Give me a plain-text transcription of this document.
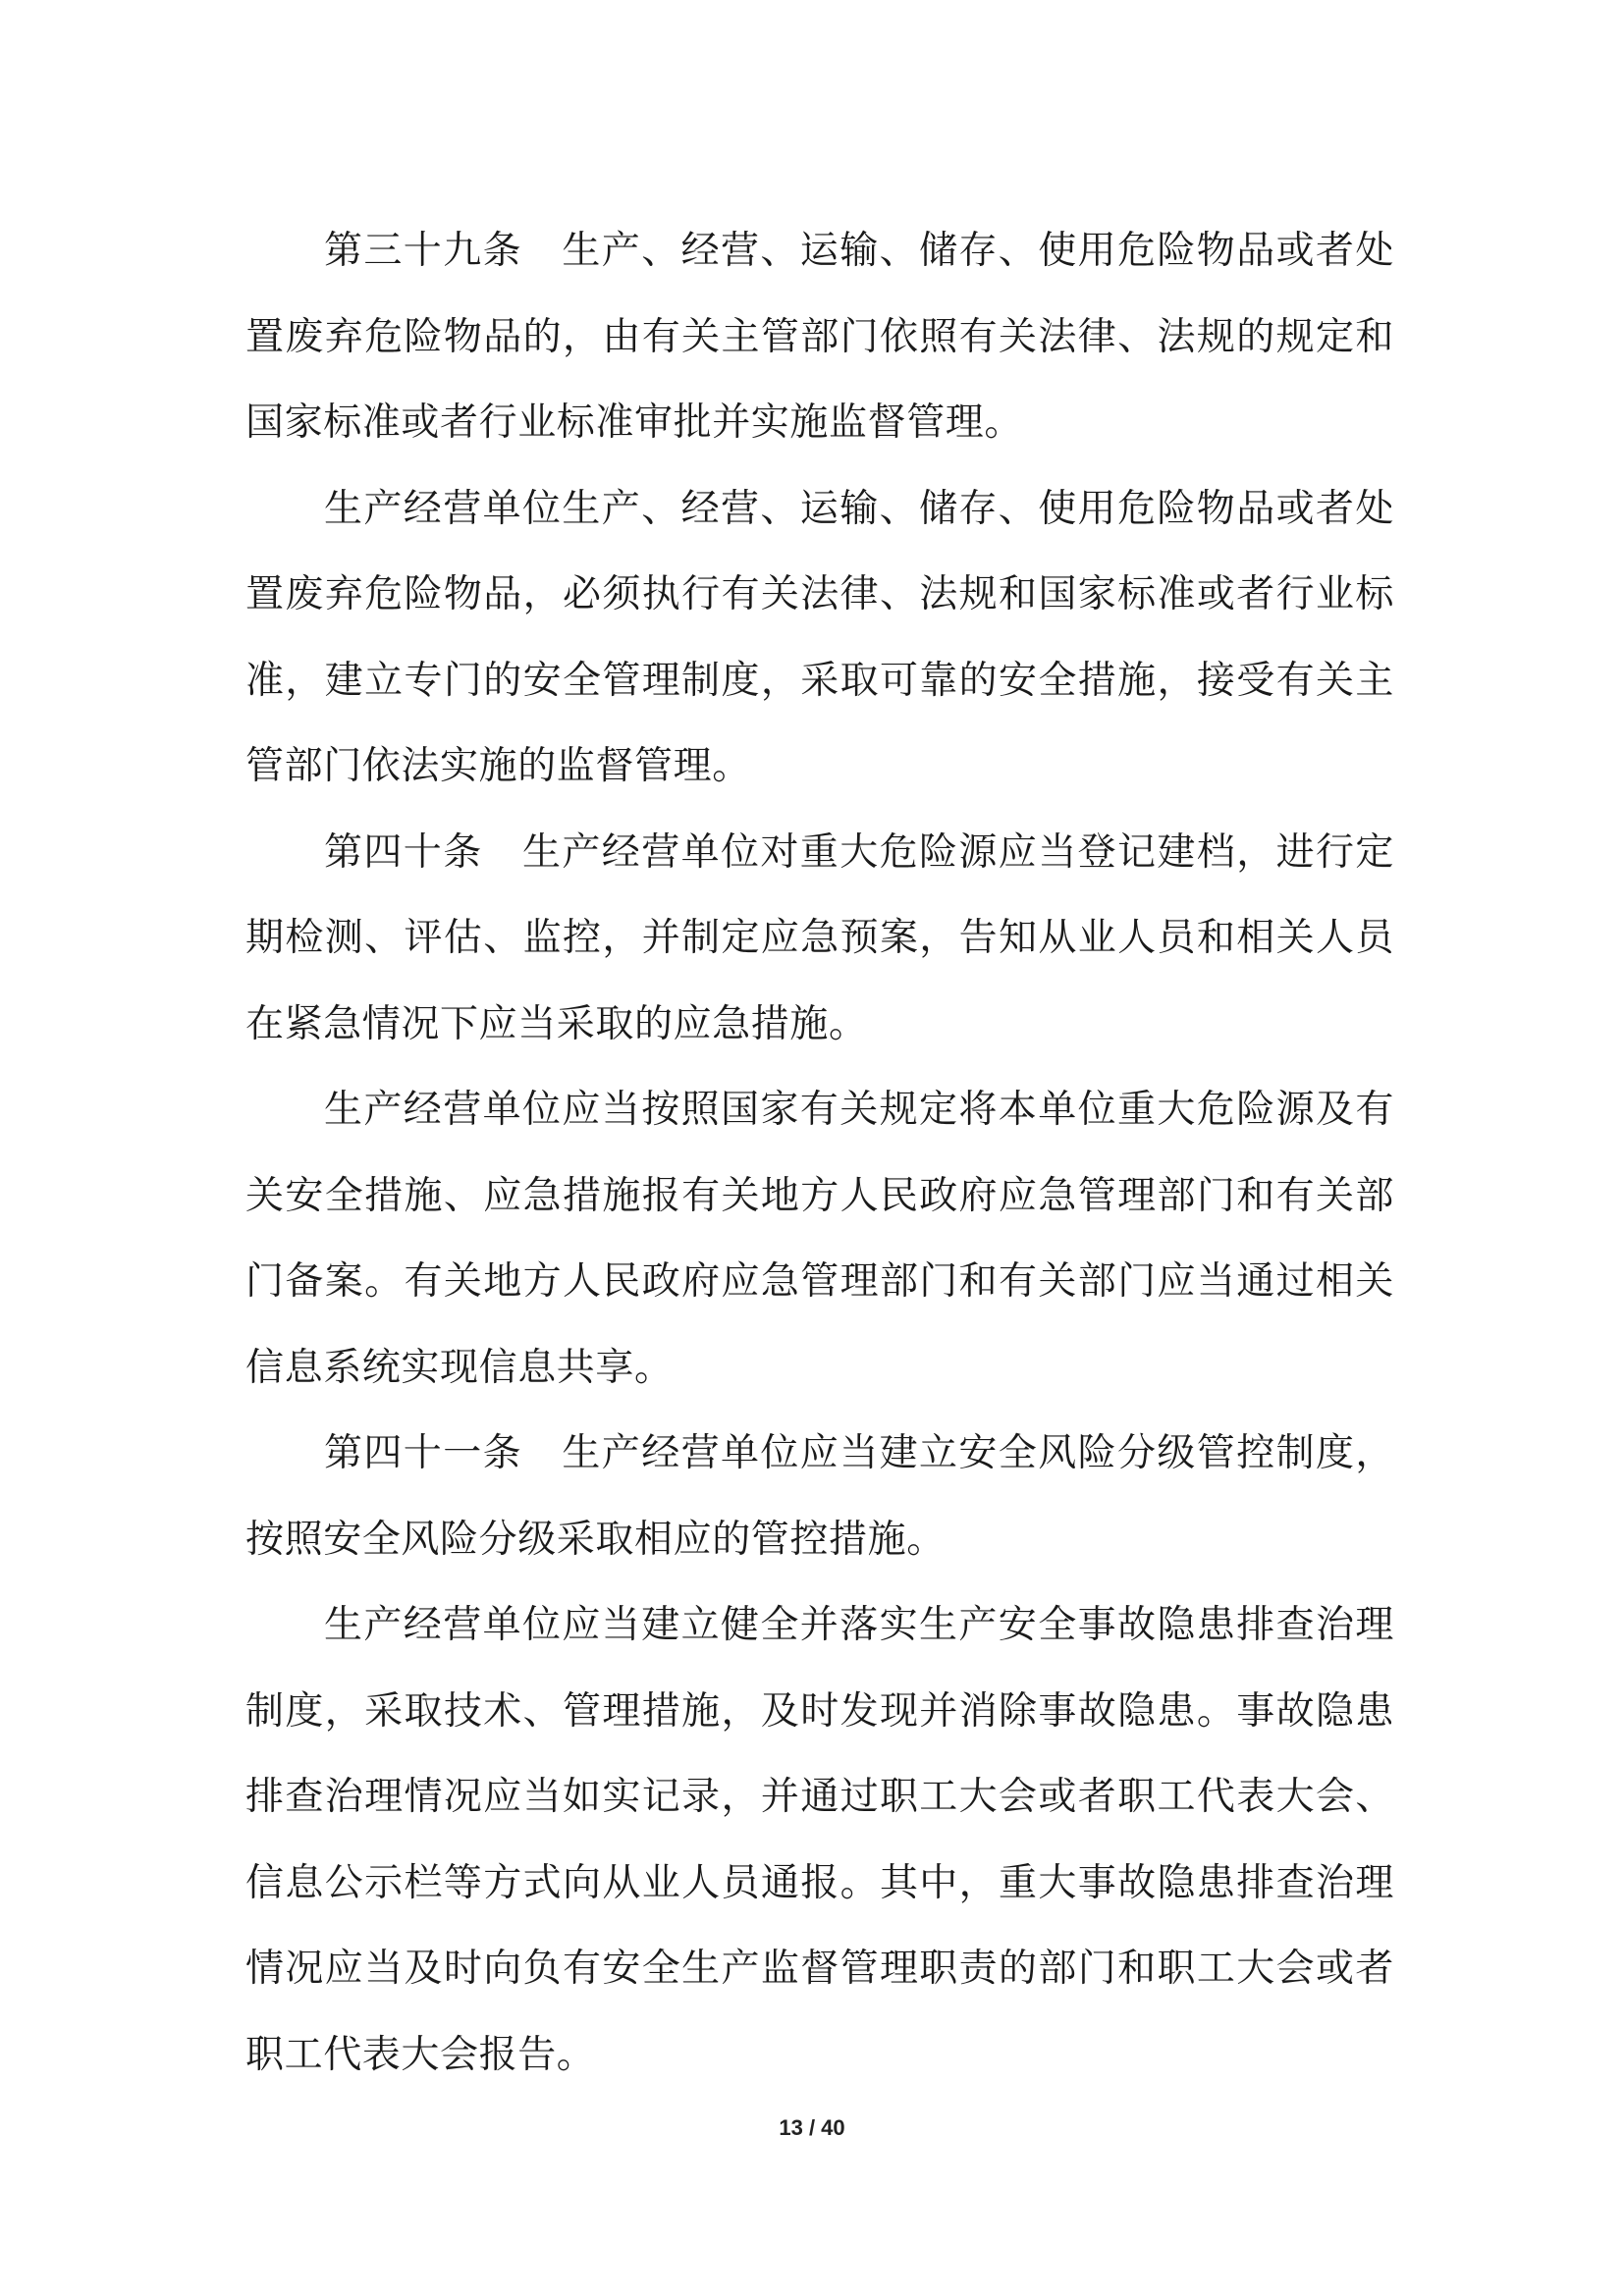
第三十九条　生产、经营、运输、储存、使用危险物品或者处置废弃危险物品的，由有关主管部门依照有关法律、法规的规定和国家标准或者行业标准审批并实施监督管理。

生产经营单位生产、经营、运输、储存、使用危险物品或者处置废弃危险物品，必须执行有关法律、法规和国家标准或者行业标准，建立专门的安全管理制度，采取可靠的安全措施，接受有关主管部门依法实施的监督管理。

第四十条　生产经营单位对重大危险源应当登记建档，进行定期检测、评估、监控，并制定应急预案，告知从业人员和相关人员在紧急情况下应当采取的应急措施。

生产经营单位应当按照国家有关规定将本单位重大危险源及有关安全措施、应急措施报有关地方人民政府应急管理部门和有关部门备案。有关地方人民政府应急管理部门和有关部门应当通过相关信息系统实现信息共享。

第四十一条　生产经营单位应当建立安全风险分级管控制度，按照安全风险分级采取相应的管控措施。

生产经营单位应当建立健全并落实生产安全事故隐患排查治理制度，采取技术、管理措施，及时发现并消除事故隐患。事故隐患排查治理情况应当如实记录，并通过职工大会或者职工代表大会、信息公示栏等方式向从业人员通报。其中，重大事故隐患排查治理情况应当及时向负有安全生产监督管理职责的部门和职工大会或者职工代表大会报告。

13 / 40
